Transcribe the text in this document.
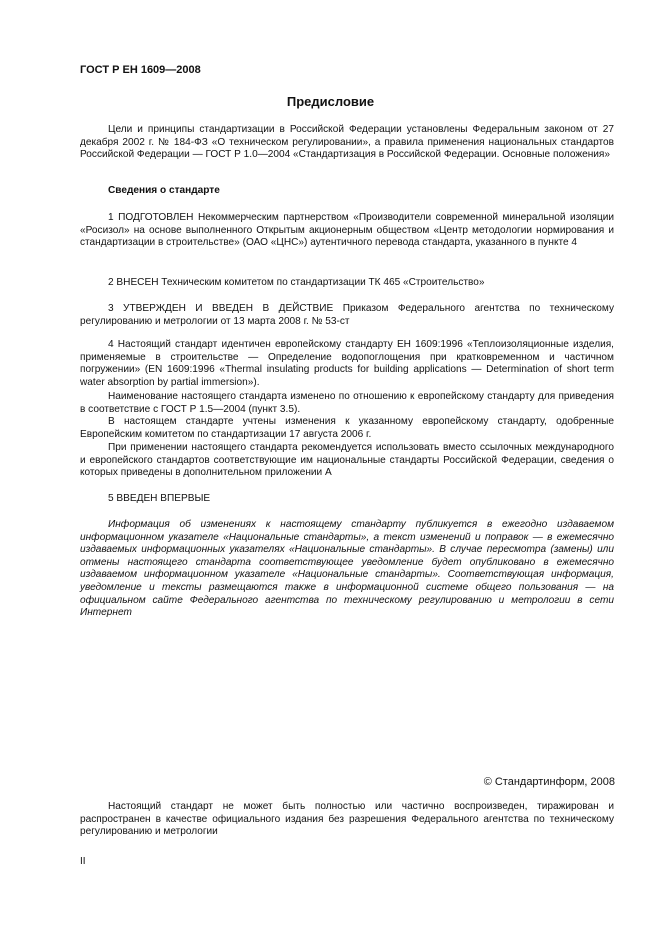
ГОСТ Р ЕН 1609—2008
Предисловие

Цели и принципы стандартизации в Российской Федерации установлены Федеральным законом от 27 декабря 2002 г. № 184-ФЗ «О техническом регулировании», а правила применения национальных стандартов Российской Федерации — ГОСТ Р 1.0—2004 «Стандартизация в Российской Федерации. Основные положения»

Сведения о стандарте

1 ПОДГОТОВЛЕН Некоммерческим партнерством «Производители современной минеральной изоляции «Росизол» на основе выполненного Открытым акционерным обществом «Центр методологии нормирования и стандартизации в строительстве» (ОАО «ЦНС») аутентичного перевода стандарта, указанного в пункте 4

2 ВНЕСЕН Техническим комитетом по стандартизации ТК 465 «Строительство»

3 УТВЕРЖДЕН И ВВЕДЕН В ДЕЙСТВИЕ Приказом Федерального агентства по техническому регулированию и метрологии от 13 марта 2008 г. № 53-ст

4 Настоящий стандарт идентичен европейскому стандарту ЕН 1609:1996 «Теплоизоляционные изделия, применяемые в строительстве — Определение водопоглощения при кратковременном и частичном погружении» (EN 1609:1996 «Thermal insulating products for building applications — Determination of short term water absorption by partial immersion»).

Наименование настоящего стандарта изменено по отношению к европейскому стандарту для приведения в соответствие с ГОСТ Р 1.5—2004 (пункт 3.5).

В настоящем стандарте учтены изменения к указанному европейскому стандарту, одобренные Европейским комитетом по стандартизации 17 августа 2006 г.

При применении настоящего стандарта рекомендуется использовать вместо ссылочных международного и европейского стандартов соответствующие им национальные стандарты Российской Федерации, сведения о которых приведены в дополнительном приложении А

5 ВВЕДЕН ВПЕРВЫЕ

Информация об изменениях к настоящему стандарту публикуется в ежегодно издаваемом информационном указателе «Национальные стандарты», а текст изменений и поправок — в ежемесячно издаваемых информационных указателях «Национальные стандарты». В случае пересмотра (замены) или отмены настоящего стандарта соответствующее уведомление будет опубликовано в ежемесячно издаваемом информационном указателе «Национальные стандарты». Соответствующая информация, уведомление и тексты размещаются также в информационной системе общего пользования — на официальном сайте Федерального агентства по техническому регулированию и метрологии в сети Интернет

© Стандартинформ, 2008

Настоящий стандарт не может быть полностью или частично воспроизведен, тиражирован и распространен в качестве официального издания без разрешения Федерального агентства по техническому регулированию и метрологии

II
